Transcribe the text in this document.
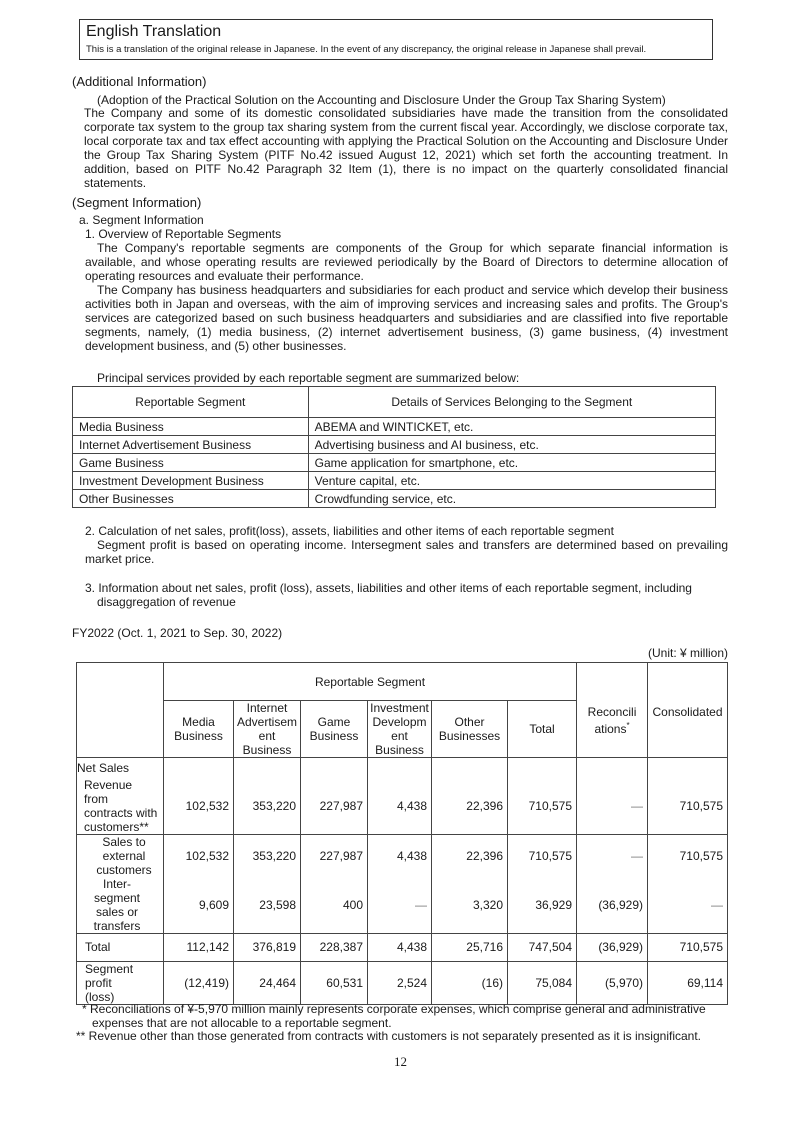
English Translation
This is a translation of the original release in Japanese. In the event of any discrepancy, the original release in Japanese shall prevail.
(Additional Information)
(Adoption of the Practical Solution on the Accounting and Disclosure Under the Group Tax Sharing System)
The Company and some of its domestic consolidated subsidiaries have made the transition from the consolidated corporate tax system to the group tax sharing system from the current fiscal year. Accordingly, we disclose corporate tax, local corporate tax and tax effect accounting with applying the Practical Solution on the Accounting and Disclosure Under the Group Tax Sharing System (PITF No.42 issued August 12, 2021) which set forth the accounting treatment. In addition, based on PITF No.42 Paragraph 32 Item (1), there is no impact on the quarterly consolidated financial statements.
(Segment Information)
a. Segment Information
1. Overview of Reportable Segments
The Company's reportable segments are components of the Group for which separate financial information is available, and whose operating results are reviewed periodically by the Board of Directors to determine allocation of operating resources and evaluate their performance.
The Company has business headquarters and subsidiaries for each product and service which develop their business activities both in Japan and overseas, with the aim of improving services and increasing sales and profits. The Group's services are categorized based on such business headquarters and subsidiaries and are classified into five reportable segments, namely, (1) media business, (2) internet advertisement business, (3) game business, (4) investment development business, and (5) other businesses.
Principal services provided by each reportable segment are summarized below:
Reportable Segment	Details of Services Belonging to the Segment
Media Business	ABEMA and WINTICKET, etc.
Internet Advertisement Business	Advertising business and AI business, etc.
Game Business	Game application for smartphone, etc.
Investment Development Business	Venture capital, etc.
Other Businesses	Crowdfunding service, etc.
2. Calculation of net sales, profit(loss), assets, liabilities and other items of each reportable segment
Segment profit is based on operating income. Intersegment sales and transfers are determined based on prevailing market price.
3. Information about net sales, profit (loss), assets, liabilities and other items of each reportable segment, including
disaggregation of revenue
FY2022 (Oct. 1, 2021 to Sep. 30, 2022)
(Unit: ¥ million)
	Reportable Segment						Reconcili ations*	Consolidated
	Media Business	Internet Advertisem ent Business	Game Business	Investment Developm ent Business	Other Businesses	Total		
Net Sales								
Revenue from contracts with customers**	102,532	353,220	227,987	4,438	22,396	710,575	—	710,575
Sales to external customers	102,532	353,220	227,987	4,438	22,396	710,575	—	710,575
Inter- segment sales or transfers	9,609	23,598	400	—	3,320	36,929	(36,929)	—
Total	112,142	376,819	228,387	4,438	25,716	747,504	(36,929)	710,575
Segment profit (loss)	(12,419)	24,464	60,531	2,524	(16)	75,084	(5,970)	69,114
* Reconciliations of ¥-5,970 million mainly represents corporate expenses, which comprise general and administrative
expenses that are not allocable to a reportable segment.
** Revenue other than those generated from contracts with customers is not separately presented as it is insignificant.
12
